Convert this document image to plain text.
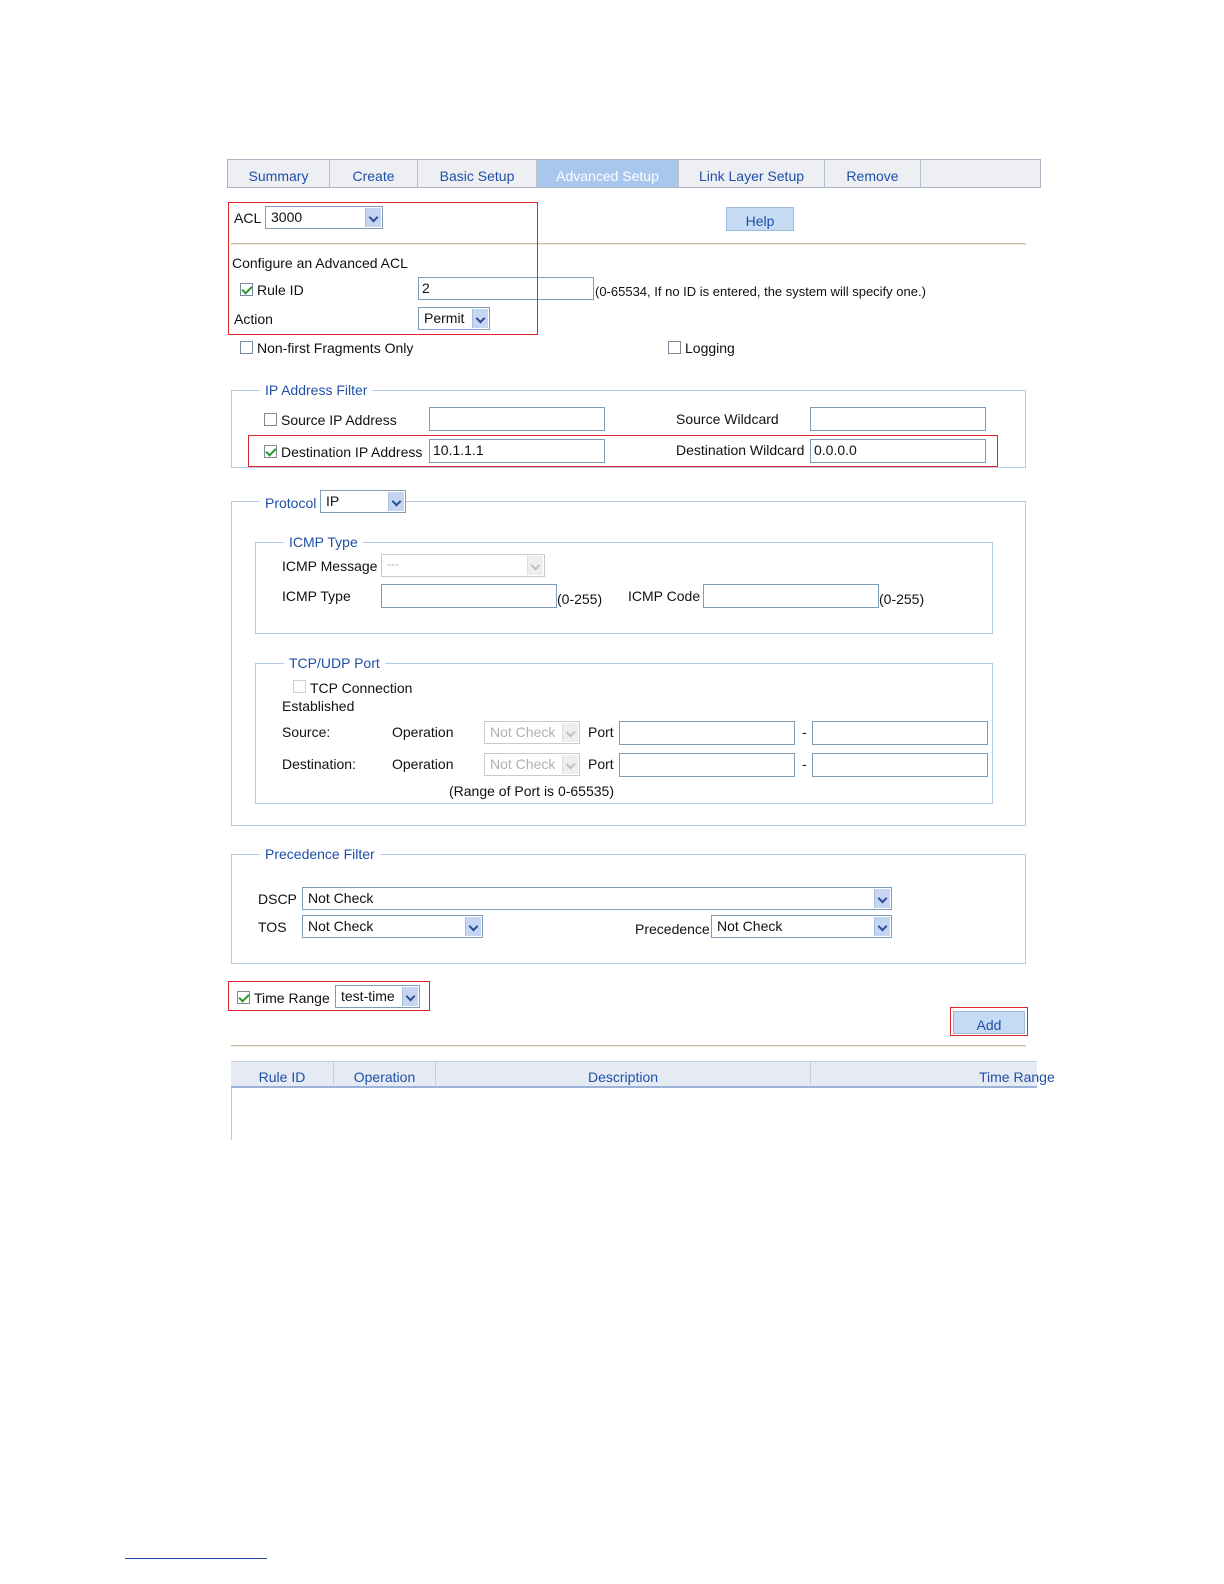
Summary	Create	Basic Setup	Advanced Setup	Link Layer Setup	Remove
ACL 3000	Help
Configure an Advanced ACL
Rule ID	2	(0-65534, If no ID is entered, the system will specify one.)
Action	Permit
Non-first Fragments Only	Logging
IP Address Filter
Source IP Address	Source Wildcard
Destination IP Address 10.1.1.1	Destination Wildcard 0.0.0.0
Protocol IP
ICMP Type
ICMP Message ---
ICMP Type	(0-255) ICMP Code	(0-255)
TCP/UDP Port
TCP Connection
Established
Source:	Operation	Not Check Port	-
Destination:	Operation	Not Check Port	-
(Range of Port is 0-65535)
Precedence Filter
DSCP Not Check
TOS Not Check	Precedence Not Check
Time Range test-time
Add
Rule ID	Operation	Description	Time Range
